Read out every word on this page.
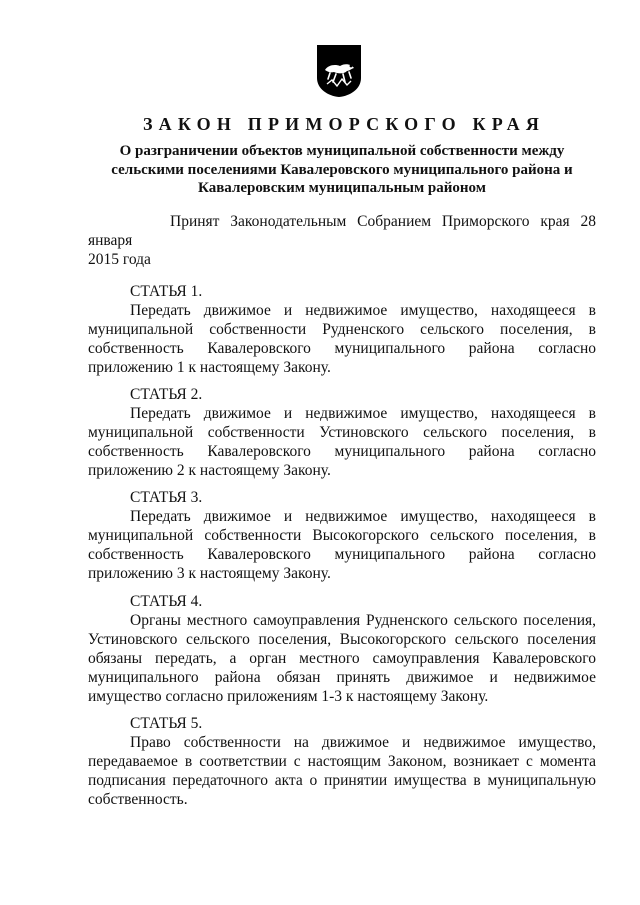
ЗАКОН ПРИМОРСКОГО КРАЯ
О разграничении объектов муниципальной собственности между сельскими поселениями Кавалеровского муниципального района и Кавалеровским муниципальным районом
Принят Законодательным Собранием Приморского края 28
января
2015 года
СТАТЬЯ 1.
Передать движимое и недвижимое имущество, находящееся в муниципальной собственности Рудненского сельского поселения, в собственность Кавалеровского муниципального района согласно приложению 1 к настоящему Закону.
СТАТЬЯ 2.
Передать движимое и недвижимое имущество, находящееся в муниципальной собственности Устиновского сельского поселения, в собственность Кавалеровского муниципального района согласно приложению 2 к настоящему Закону.
СТАТЬЯ 3.
Передать движимое и недвижимое имущество, находящееся в муниципальной собственности Высокогорского сельского поселения, в собственность Кавалеровского муниципального района согласно приложению 3 к настоящему Закону.
СТАТЬЯ 4.
Органы местного самоуправления Рудненского сельского поселения, Устиновского сельского поселения, Высокогорского сельского поселения обязаны передать, а орган местного самоуправления Кавалеровского муниципального района обязан принять движимое и недвижимое имущество согласно приложениям 1-3 к настоящему Закону.
СТАТЬЯ 5.
Право собственности на движимое и недвижимое имущество, передаваемое в соответствии с настоящим Законом, возникает с момента подписания передаточного акта о принятии имущества в муниципальную собственность.
